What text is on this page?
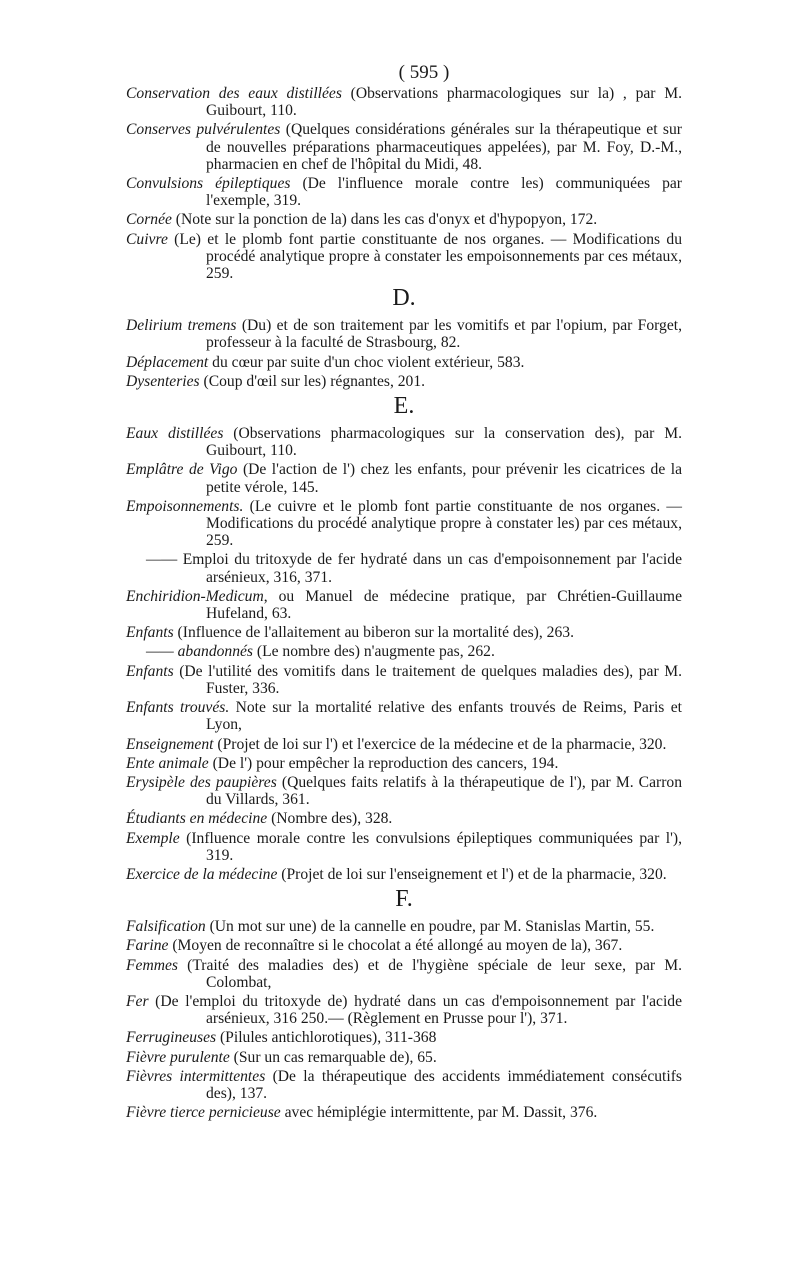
( 595 )
Conservation des eaux distillées (Observations pharmacologiques sur la) , par M. Guibourt, 110.
Conserves pulvérulentes (Quelques considérations générales sur la thérapeutique et sur de nouvelles préparations pharmaceutiques appelées), par M. Foy, D.-M., pharmacien en chef de l'hôpital du Midi, 48.
Convulsions épileptiques (De l'influence morale contre les) communiquées par l'exemple, 319.
Cornée (Note sur la ponction de la) dans les cas d'onyx et d'hypopyon, 172.
Cuivre (Le) et le plomb font partie constituante de nos organes. — Modifications du procédé analytique propre à constater les empoisonnements par ces métaux, 259.
D.
Delirium tremens (Du) et de son traitement par les vomitifs et par l'opium, par Forget, professeur à la faculté de Strasbourg, 82.
Déplacement du cœur par suite d'un choc violent extérieur, 583.
Dysenteries (Coup d'œil sur les) régnantes, 201.
E.
Eaux distillées (Observations pharmacologiques sur la conservation des), par M. Guibourt, 110.
Emplâtre de Vigo (De l'action de l') chez les enfants, pour prévenir les cicatrices de la petite vérole, 145.
Empoisonnements. (Le cuivre et le plomb font partie constituante de nos organes. — Modifications du procédé analytique propre à constater les) par ces métaux, 259.
—— Emploi du tritoxyde de fer hydraté dans un cas d'empoisonnement par l'acide arsénieux, 316, 371.
Enchiridion-Medicum, ou Manuel de médecine pratique, par Chrétien-Guillaume Hufeland, 63.
Enfants (Influence de l'allaitement au biberon sur la mortalité des), 263.
—— abandonnés (Le nombre des) n'augmente pas, 262.
Enfants (De l'utilité des vomitifs dans le traitement de quelques maladies des), par M. Fuster, 336.
Enfants trouvés. Note sur la mortalité relative des enfants trouvés de Reims, Paris et Lyon,
Enseignement (Projet de loi sur l') et l'exercice de la médecine et de la pharmacie, 320.
Ente animale (De l') pour empêcher la reproduction des cancers, 194.
Erysipèle des paupières (Quelques faits relatifs à la thérapeutique de l'), par M. Carron du Villards, 361.
Étudiants en médecine (Nombre des), 328.
Exemple (Influence morale contre les convulsions épileptiques communiquées par l'), 319.
Exercice de la médecine (Projet de loi sur l'enseignement et l') et de la pharmacie, 320.
F.
Falsification (Un mot sur une) de la cannelle en poudre, par M. Stanislas Martin, 55.
Farine (Moyen de reconnaître si le chocolat a été allongé au moyen de la), 367.
Femmes (Traité des maladies des) et de l'hygiène spéciale de leur sexe, par M. Colombat,
Fer (De l'emploi du tritoxyde de) hydraté dans un cas d'empoisonnement par l'acide arsénieux, 316 250.— (Règlement en Prusse pour l'), 371.
Ferrugineuses (Pilules antichlorotiques), 311-368
Fièvre purulente (Sur un cas remarquable de), 65.
Fièvres intermittentes (De la thérapeutique des accidents immédiatement consécutifs des), 137.
Fièvre tierce pernicieuse avec hémiplégie intermittente, par M. Dassit, 376.
